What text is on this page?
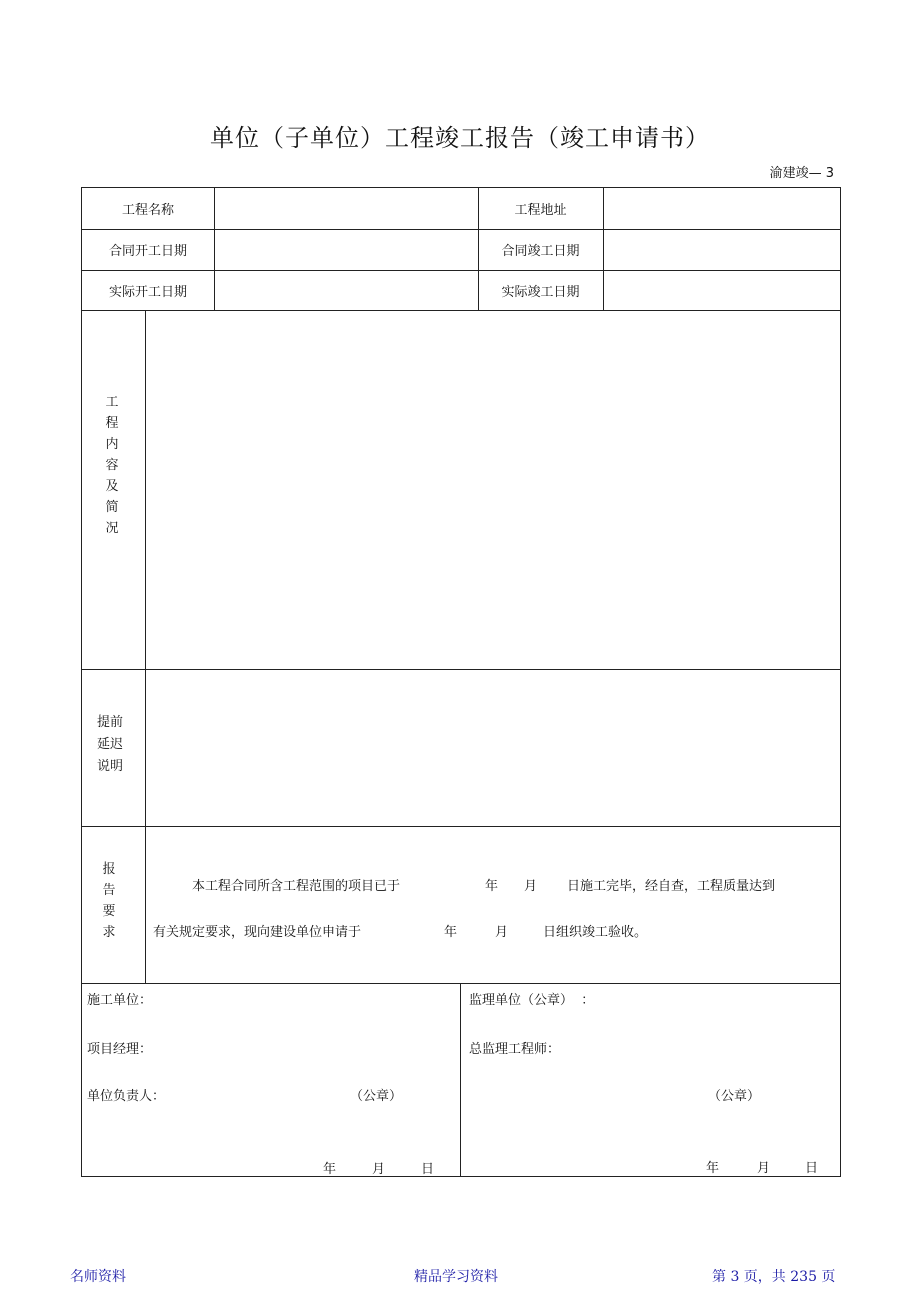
单位（子单位）工程竣工报告（竣工申请书）
渝建竣— 3
工程名称	工程地址
合同开工日期	合同竣工日期
实际开工日期	实际竣工日期
工
程
内
容
及
简
况
提前
延迟
说明
报
告
要
求
本工程合同所含工程范围的项目已于	年 月 日施工完毕，经自查，工程质量达到
有关规定要求，现向建设单位申请于	年	月	日组织竣工验收。
施工单位：
项目经理：
单位负责人：	（公章）
年	月	日
监理单位（公章）  ：
总监理工程师：
（公章）
年	月	日
名师资料	精品学习资料	第 3 页，共 235 页
